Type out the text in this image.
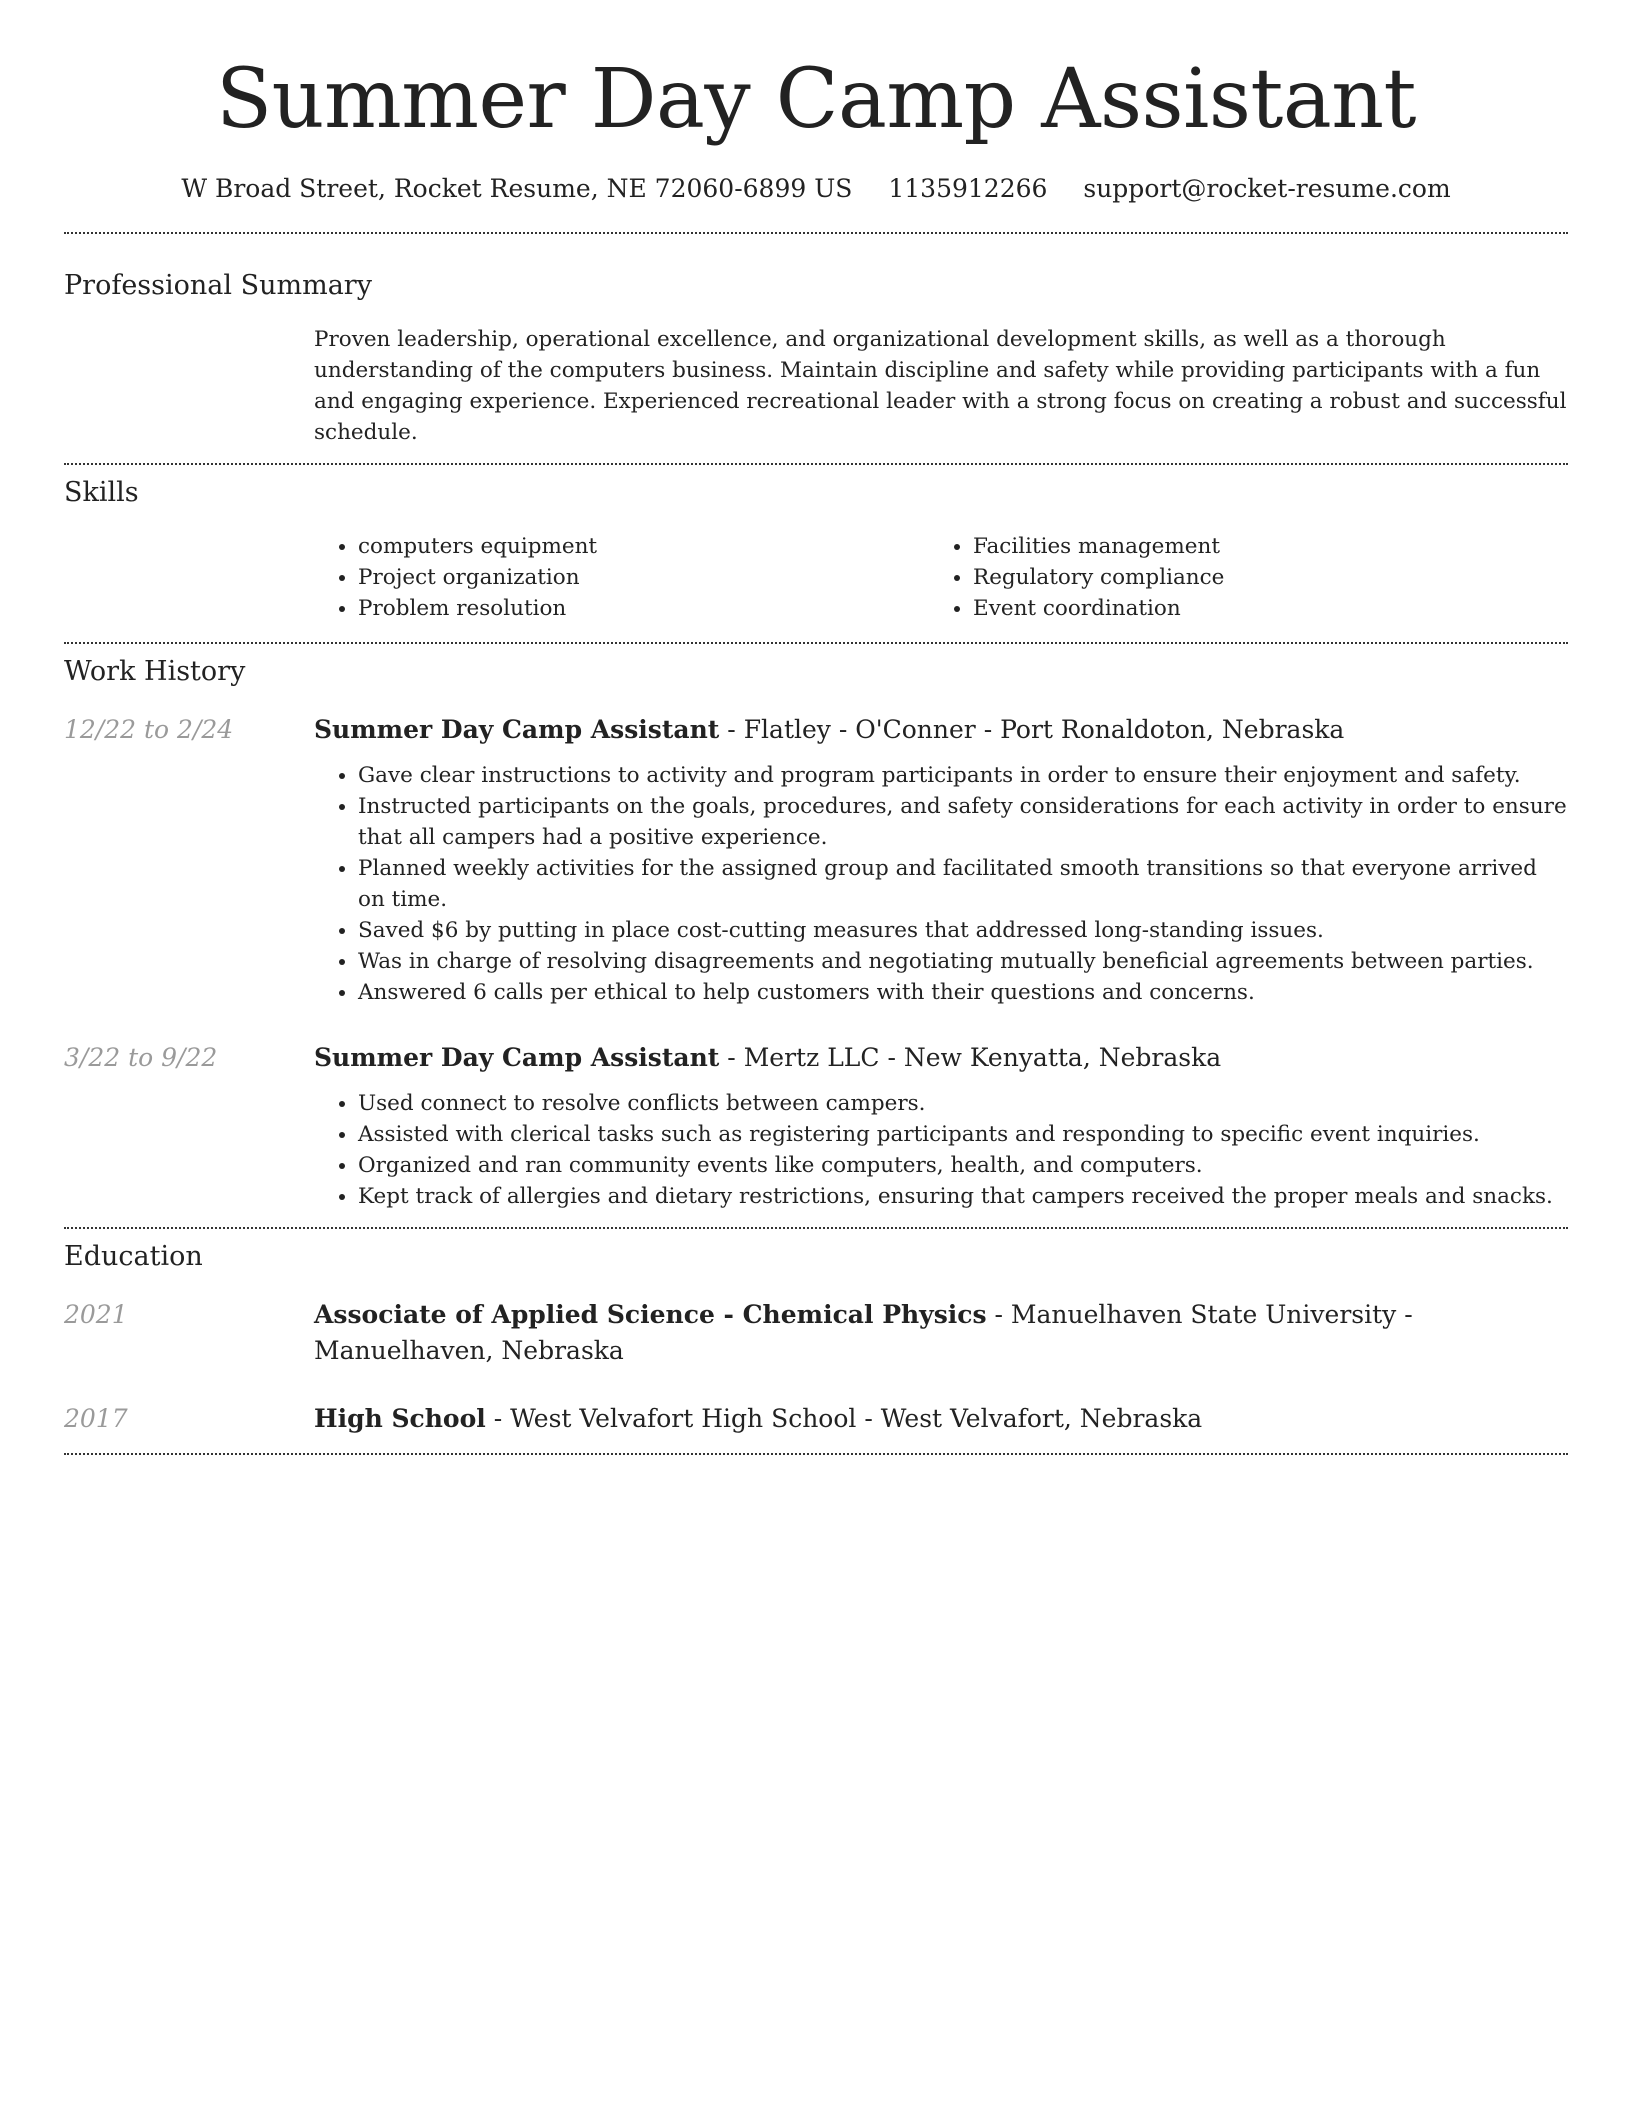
Summer Day Camp Assistant
W Broad Street, Rocket Resume, NE 72060-6899 US 1135912266 support@rocket-resume.com
Professional Summary
Proven leadership, operational excellence, and organizational development skills, as well as a thorough understanding of the computers business. Maintain discipline and safety while providing participants with a fun and engaging experience. Experienced recreational leader with a strong focus on creating a robust and successful schedule.
Skills
• computers equipment
• Project organization
• Problem resolution
• Facilities management
• Regulatory compliance
• Event coordination
Work History
12/22 to 2/24	Summer Day Camp Assistant - Flatley - O'Conner - Port Ronaldoton, Nebraska
• Gave clear instructions to activity and program participants in order to ensure their enjoyment and safety.
• Instructed participants on the goals, procedures, and safety considerations for each activity in order to ensure that all campers had a positive experience.
• Planned weekly activities for the assigned group and facilitated smooth transitions so that everyone arrived on time.
• Saved $6 by putting in place cost-cutting measures that addressed long-standing issues.
• Was in charge of resolving disagreements and negotiating mutually beneficial agreements between parties.
• Answered 6 calls per ethical to help customers with their questions and concerns.
3/22 to 9/22	Summer Day Camp Assistant - Mertz LLC - New Kenyatta, Nebraska
• Used connect to resolve conflicts between campers.
• Assisted with clerical tasks such as registering participants and responding to specific event inquiries.
• Organized and ran community events like computers, health, and computers.
• Kept track of allergies and dietary restrictions, ensuring that campers received the proper meals and snacks.
Education
2021	Associate of Applied Science - Chemical Physics - Manuelhaven State University - Manuelhaven, Nebraska
2017	High School - West Velvafort High School - West Velvafort, Nebraska
